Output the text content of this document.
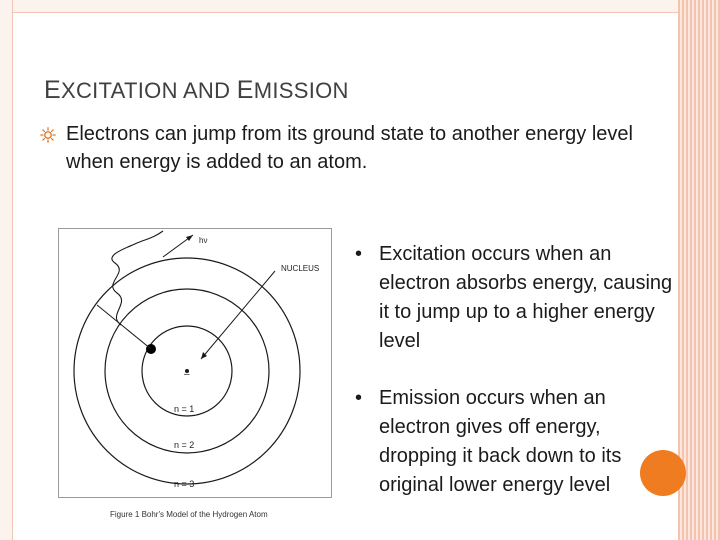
EXCITATION AND EMISSION
Electrons can jump from its ground state to another energy level when energy is added to an atom.
hν
NUCLEUS
–
n = 1
n = 2
n = 3
Figure 1 Bohr's Model of the Hydrogen Atom
• Excitation occurs when an electron absorbs energy, causing it to jump up to a higher energy level
• Emission occurs when an electron gives off energy, dropping it back down to its original lower energy level
